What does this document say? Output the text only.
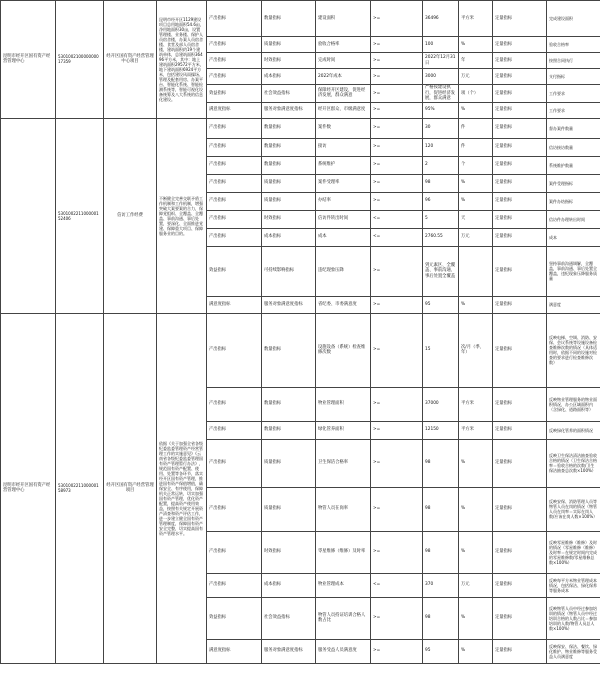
昆明市经开区国有资产经营管理中心	530100210000000017359	经开区国有资产经营管理中心项目	昆明市经开区1129建设项目总用地面积54.6亩，净用地面积30亩，设置管理楼、业务楼、保护人员宿舍楼，办案人员宿舍楼、食堂及部人员宿舍楼，建筑面积约19个建筑单体，总建筑面积36496平方米，其中：地上建筑面积29572平方米，地下建筑面积6924平方米，包括建设风雨操场、管理及配套用房、办案平台、智能化系统、智能检测系统等，智能可视化设备统筹及八大系统的信息化建设。	产出指标	数量指标	建设面积	>=	36496	平方米	定量指标	完成建设面积
				产出指标	质量指标	验收合格率	>=	100	%	定量指标	验收合格率
				产出指标	时效指标	完成时间	>=	2022年12月31日	年	定量指标	按照合同执行
				产出指标	成本指标	2022年成本	>=	3000	万元	定量指标	支付指标
				效益指标	社会效益指标	保障经开区建设，促进经济发展，群众满意	>=	严格按建设执行，促进经济发展，群众满意	项（个）	定量指标	工作要求
				满意度指标	服务对象满意度指标	经开区群众、市级满意度	>=	95%	%	定量指标	工作要求
	530100221100000152406	信访工作经费	不断健全完善交联矛盾工作机制和工作机制，增强突破大案要案的合力，保障党组织、全覆盖、全覆盖、事前沟通、事后处置，要深化、全面推进党建、保障重大项目、保障服务业的目的。	产出指标	数量指标	案件数	>=	30	件	定量指标	督办案件数量
				产出指标	数量指标	接访	>=	120	件	定量指标	信访接访数量
				产出指标	数量指标	系统维护	>=	2	个	定量指标	系统维护数量
				产出指标	质量指标	案件受理率	>=	98	%	定量指标	案件受理指标
				产出指标	质量指标	办结率	>=	96	%	定量指标	案件办结指标
				产出指标	时效指标	信访件转出时间	<=	5	天	定量指标	信访件办理转出时间
				产出指标	成本指标	成本	<=	2760.55	万元	定量指标	成本
				效益指标	可持续影响指标	违纪现象压降	>=	到元素区、全覆盖、事前沟通、事后处置全覆盖		定量指标	坚持事前沟通调解，全覆盖，事前沟通、事后处置全覆盖，违纪现象压降服务质量
				满意度指标	服务对象满意度指标	省纪委、市委满意度	>=	95	%	定量指标	满意度
昆明市经开区国有资产经营管理中心	530100221100000158973	经开区国有资产经营管理项目	依据《关于加强全省各级纪委监委管理资产经营管理工作的实施意见》《云南省各级纪委监委管理国有资产管理暂行办法》，规范国有资产配置、使用、处置等各环节，落实经开区国有资产管理，推进国有资产保值增值，确保安全、有序使用，保障机关正常运转，切实加强国有资产管理，优化资产配置，提高资产使用效益，按照有关规定开展资产清查和资产评估工作，进一步建立健全国有资产管理制度，保障国有资产安全完整，切实提高国有资产管理水平。	产出指标	数量指标	设施设备（系统）检查维修次数	>=	15	次/月（季、年）	定量指标	反映电梯、空调、消防、安保、会议系统等设施设备检查维修次数的情况（具体适用时，依据不同的设施对检查的要求进行检查维修次数）
				产出指标	数量指标	物业管理面积	>=	37000	平方米	定量指标	反映物业管理服务的物业面积情况，办公区域面积内（含绿化、道路面积等）
				产出指标	数量指标	绿化管养面积	>=	12150	平方米	定量指标	反映绿化管养的面积情况
				产出指标	质量指标	卫生保洁合格率	>=	98	%	定量指标	反映卫生保洁清洁抽查验收合格的情况（卫生保洁合格率＝验收合格的次数/卫生保洁抽查总次数×100%）
				产出指标	质量指标	物管人员在岗率	>=	98	%	定量指标	反映安保、消防管理人员等物管人员在岗的情况（物管人员在岗率＝实际在岗人数/应该在岗人数×100%）
				产出指标	时效指标	零星维修（维修）及时率	>=	98	%	定量指标	反映零星维修（维修）及时的情况（零星维修（维修）及时率＝在规定时间内完成的零星维修数/零星维修总数×100%）
				产出指标	成本指标	物业管理成本	<=	370	万元	定量指标	反映每平方米物业管理成本情况，包括保洁、绿化保养等服务成本
				效益指标	社会效益指标	物管人员持证培训合格人数占比	>=	98	%	定量指标	反映物管人员中经过参加培训的情况（物管人员中经过培训合格的人数占比＝参加培训的人数/物管人员总人数×100%）
				满意度指标	服务对象满意度指标	服务受益人员满意度	>=	95	%	定量指标	反映保安、保洁、餐饮、绿化维护、物业维修等服务受益人员满意度
